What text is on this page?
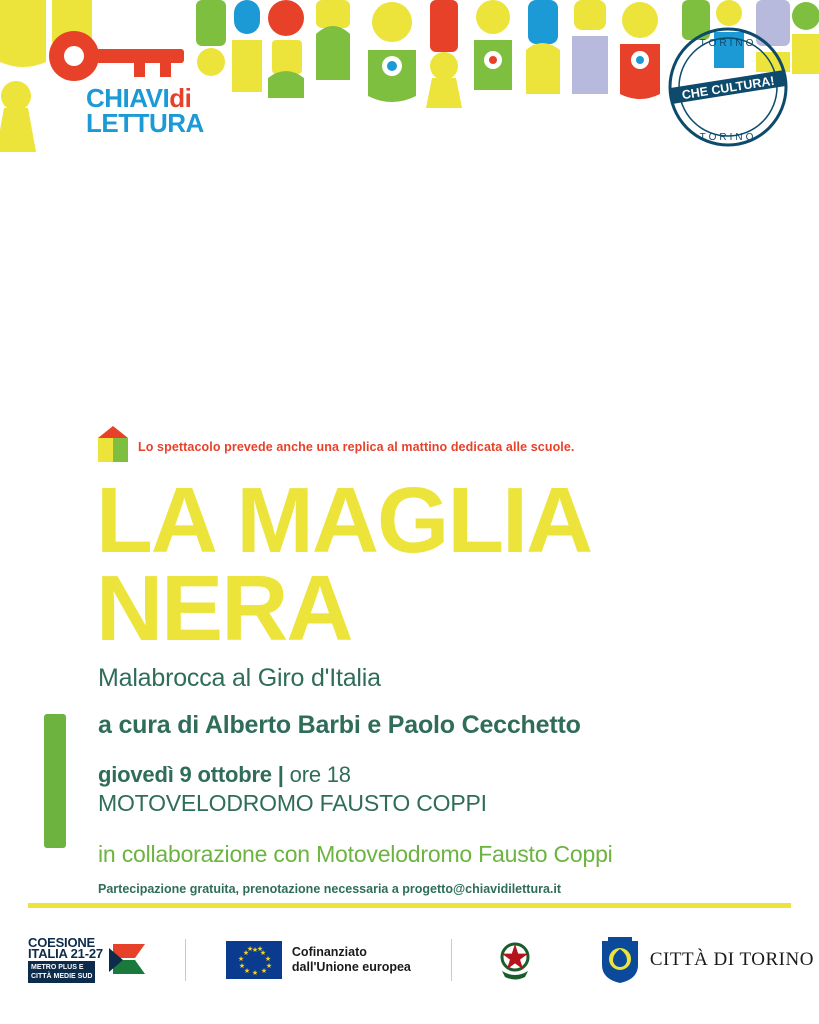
CHIAVIdi
LETTURA
CHE CULTURA!
TORINO
TORINO
Lo spettacolo prevede anche una replica al mattino dedicata alle scuole.
LA MAGLIA
NERA
Malabrocca al Giro d'Italia
a cura di Alberto Barbi e Paolo Cecchetto
giovedì 9 ottobre | ore 18
MOTOVELODROMO FAUSTO COPPI
in collaborazione con Motovelodromo Fausto Coppi
Partecipazione gratuita, prenotazione necessaria a progetto@chiavidilettura.it
COESIONE
ITALIA 21-27
METRO PLUS E
CITTÀ MEDIE SUD
★ ★
★
★
★
★
★
★
★
★
★ ★ Cofinanziato
dall'Unione europea	CITTÀ DI TORINO
